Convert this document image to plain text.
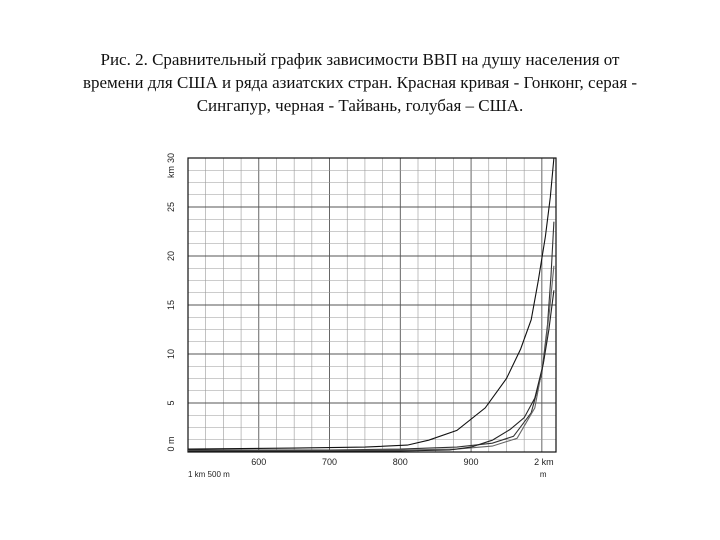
Рис. 2. Сравнительный график зависимости ВВП на душу населения от
времени для США и ряда азиатских стран. Красная кривая - Гонконг, серая -
Сингапур, черная - Тайвань, голубая – США.
0 m
5
10
15
20
25
30
600	700	800	900	2 km
km
m
1 km 500 m
